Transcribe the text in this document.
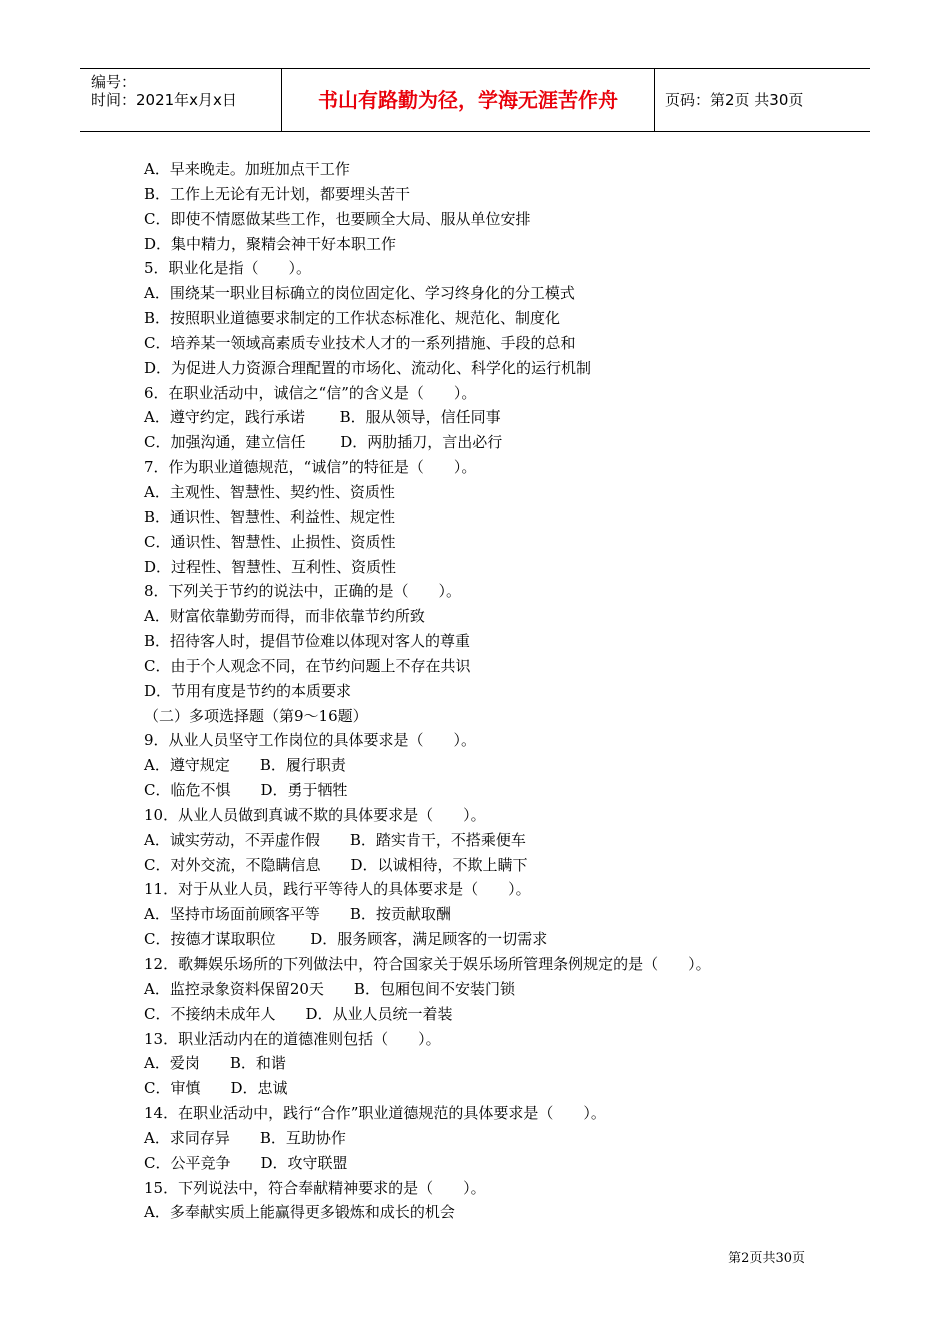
编号：
时间：2021年x月x日	书山有路勤为径，学海无涯苦作舟	页码：第2页 共30页
A．早来晚走。加班加点干工作
B．工作上无论有无计划，都要埋头苦干
C．即使不情愿做某些工作，也要顾全大局、服从单位安排
D．集中精力，聚精会神干好本职工作
5．职业化是指（　　）。
A．围绕某一职业目标确立的岗位固定化、学习终身化的分工模式
B．按照职业道德要求制定的工作状态标准化、规范化、制度化
C．培养某一领域高素质专业技术人才的一系列措施、手段的总和
D．为促进人力资源合理配置的市场化、流动化、科学化的运行机制
6．在职业活动中，诚信之“信”的含义是（　　）。
A．遵守约定，践行承诺　　 B．服从领导，信任同事
C．加强沟通，建立信任　　 D．两肋插刀，言出必行
7．作为职业道德规范，“诚信”的特征是（　　）。
A．主观性、智慧性、契约性、资质性
B．通识性、智慧性、利益性、规定性
C．通识性、智慧性、止损性、资质性
D．过程性、智慧性、互利性、资质性
8．下列关于节约的说法中，正确的是（　　）。
A．财富依靠勤劳而得，而非依靠节约所致
B．招待客人时，提倡节俭难以体现对客人的尊重
C．由于个人观念不同，在节约问题上不存在共识
D．节用有度是节约的本质要求
（二）多项选择题（第9～16题）
9．从业人员坚守工作岗位的具体要求是（　　）。
A．遵守规定　　B．履行职责
C．临危不惧　　D．勇于牺牲
10．从业人员做到真诚不欺的具体要求是（　　）。
A．诚实劳动，不弄虚作假　　B．踏实肯干，不搭乘便车
C．对外交流，不隐瞒信息　　D．以诚相待，不欺上瞒下
11．对于从业人员，践行平等待人的具体要求是（　　）。
A．坚持市场面前顾客平等　　B．按贡献取酬
C．按德才谋取职位　　 D．服务顾客，满足顾客的一切需求
12．歌舞娱乐场所的下列做法中，符合国家关于娱乐场所管理条例规定的是（　　）。
A．监控录象资料保留20天　　B．包厢包间不安装门锁
C．不接纳未成年人　　D．从业人员统一着装
13．职业活动内在的道德准则包括（　　）。
A．爱岗　　B．和谐
C．审慎　　D．忠诚
14．在职业活动中，践行“合作”职业道德规范的具体要求是（　　）。
A．求同存异　　B．互助协作
C．公平竞争　　D．攻守联盟
15．下列说法中，符合奉献精神要求的是（　　）。
A．多奉献实质上能赢得更多锻炼和成长的机会
第2页共30页
